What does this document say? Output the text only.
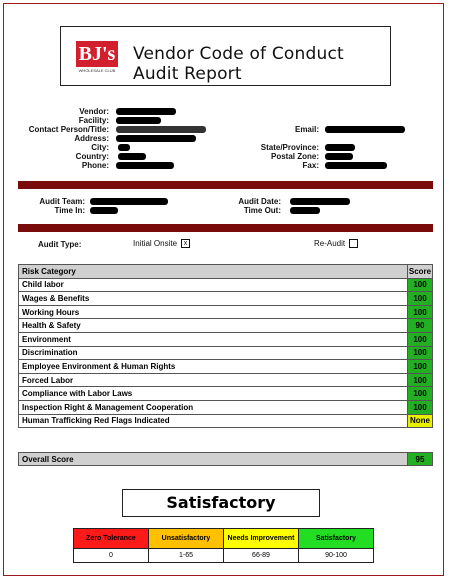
BJ's
WHOLESALE CLUB
Vendor Code of Conduct Audit Report
Vendor:
Facility:
Contact Person/Title:
Address:
City:
Country:
Phone:
Email:
State/Province:
Postal Zone:
Fax:
Audit Team:
Time In:
Audit Date:
Time Out:
Audit Type:	Initial Onsite x	Re-Audit
Risk Category	Score
Child labor	100
Wages & Benefits	100
Working Hours	100
Health & Safety	90
Environment	100
Discrimination	100
Employee Environment & Human Rights	100
Forced Labor	100
Compliance with Labor Laws	100
Inspection Right & Management Cooperation	100
Human Trafficking Red Flags Indicated	None
Overall Score	95
Satisfactory
Zero Tolerance	Unsatisfactory	Needs Improvement	Satisfactory
0	1-65	66-89	90-100
